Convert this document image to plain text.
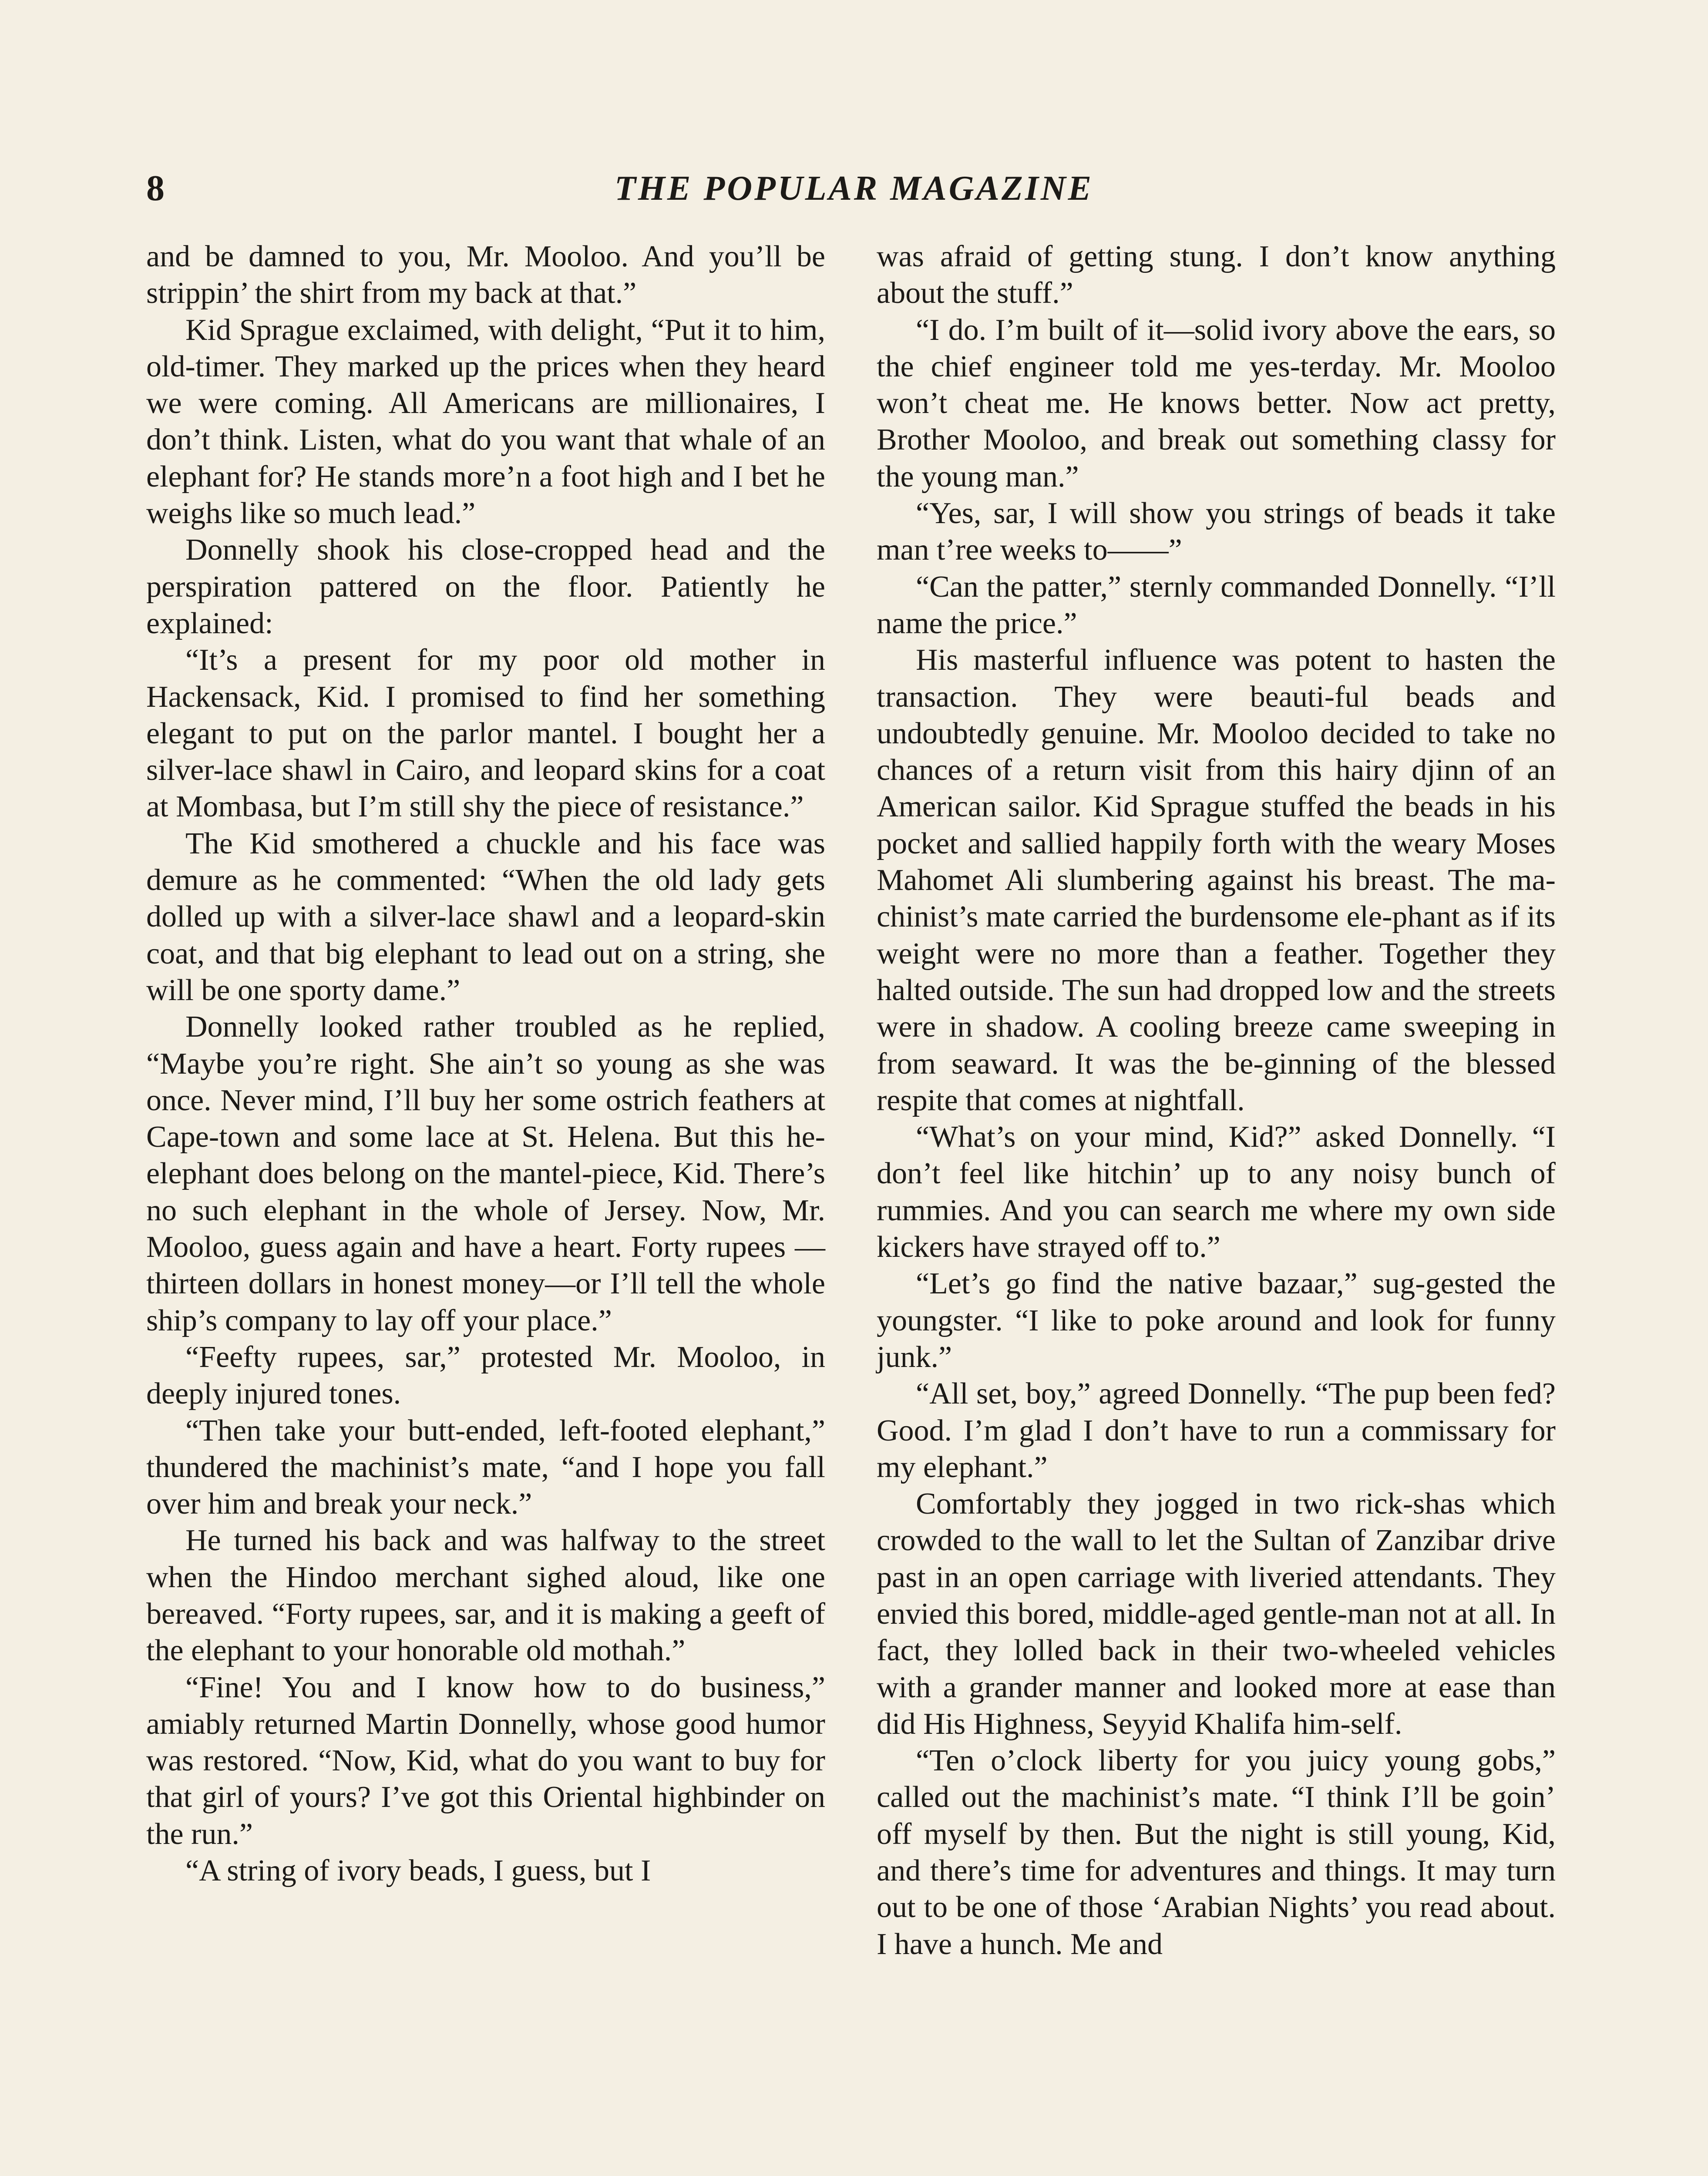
8	THE POPULAR MAGAZINE

and be damned to you, Mr. Mooloo. And you’ll be strippin’ the shirt from my back at that.”

Kid Sprague exclaimed, with delight, “Put it to him, old-timer. They marked up the prices when they heard we were coming. All Americans are millionaires, I don’t think. Listen, what do you want that whale of an elephant for? He stands more’n a foot high and I bet he weighs like so much lead.”

Donnelly shook his close-cropped head and the perspiration pattered on the floor. Patiently he explained:

“It’s a present for my poor old mother in Hackensack, Kid. I promised to find her something elegant to put on the parlor mantel. I bought her a silver-lace shawl in Cairo, and leopard skins for a coat at Mombasa, but I’m still shy the piece of resistance.”

The Kid smothered a chuckle and his face was demure as he commented: “When the old lady gets dolled up with a silver-lace shawl and a leopard-skin coat, and that big elephant to lead out on a string, she will be one sporty dame.”

Donnelly looked rather troubled as he replied, “Maybe you’re right. She ain’t so young as she was once. Never mind, I’ll buy her some ostrich feathers at Cape-town and some lace at St. Helena. But this he-elephant does belong on the mantel-piece, Kid. There’s no such elephant in the whole of Jersey. Now, Mr. Mooloo, guess again and have a heart. Forty rupees —thirteen dollars in honest money—or I’ll tell the whole ship’s company to lay off your place.”

“Feefty rupees, sar,” protested Mr. Mooloo, in deeply injured tones.

“Then take your butt-ended, left-footed elephant,” thundered the machinist’s mate, “and I hope you fall over him and break your neck.”

He turned his back and was halfway to the street when the Hindoo merchant sighed aloud, like one bereaved. “Forty rupees, sar, and it is making a geeft of the elephant to your honorable old mothah.”

“Fine! You and I know how to do business,” amiably returned Martin Donnelly, whose good humor was restored. “Now, Kid, what do you want to buy for that girl of yours? I’ve got this Oriental highbinder on the run.”

“A string of ivory beads, I guess, but I

was afraid of getting stung. I don’t know anything about the stuff.”

“I do. I’m built of it—solid ivory above the ears, so the chief engineer told me yes-terday. Mr. Mooloo won’t cheat me. He knows better. Now act pretty, Brother Mooloo, and break out something classy for the young man.”

“Yes, sar, I will show you strings of beads it take man t’ree weeks to——”

“Can the patter,” sternly commanded Donnelly. “I’ll name the price.”

His masterful influence was potent to hasten the transaction. They were beauti-ful beads and undoubtedly genuine. Mr. Mooloo decided to take no chances of a return visit from this hairy djinn of an American sailor. Kid Sprague stuffed the beads in his pocket and sallied happily forth with the weary Moses Mahomet Ali slumbering against his breast. The ma-chinist’s mate carried the burdensome ele-phant as if its weight were no more than a feather. Together they halted outside. The sun had dropped low and the streets were in shadow. A cooling breeze came sweeping in from seaward. It was the be-ginning of the blessed respite that comes at nightfall.

“What’s on your mind, Kid?” asked Donnelly. “I don’t feel like hitchin’ up to any noisy bunch of rummies. And you can search me where my own side kickers have strayed off to.”

“Let’s go find the native bazaar,” sug-gested the youngster. “I like to poke around and look for funny junk.”

“All set, boy,” agreed Donnelly. “The pup been fed? Good. I’m glad I don’t have to run a commissary for my elephant.”

Comfortably they jogged in two rick-shas which crowded to the wall to let the Sultan of Zanzibar drive past in an open carriage with liveried attendants. They envied this bored, middle-aged gentle-man not at all. In fact, they lolled back in their two-wheeled vehicles with a grander manner and looked more at ease than did His Highness, Seyyid Khalifa him-self.

“Ten o’clock liberty for you juicy young gobs,” called out the machinist’s mate. “I think I’ll be goin’ off myself by then. But the night is still young, Kid, and there’s time for adventures and things. It may turn out to be one of those ‘Arabian Nights’ you read about. I have a hunch. Me and
